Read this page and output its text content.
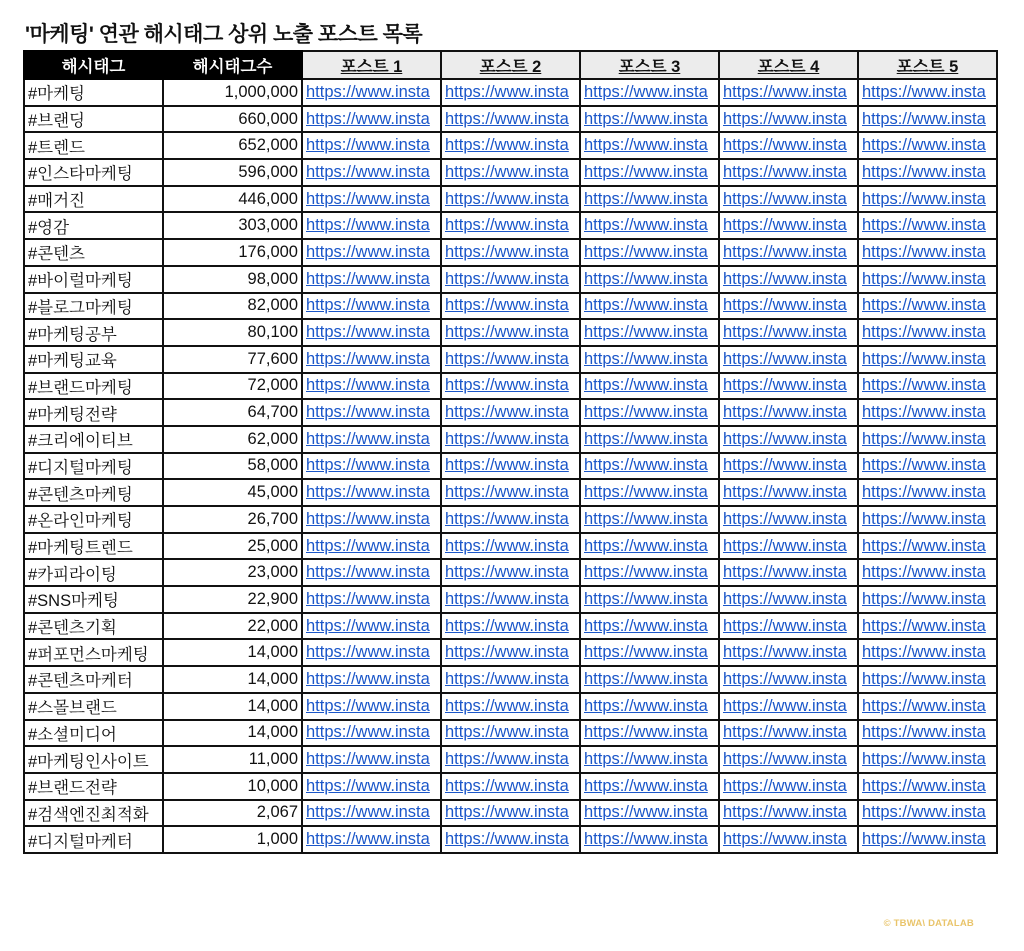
'마케팅' 연관 해시태그 상위 노출 포스트 목록
해시태그	해시태그수	포스트 1	포스트 2	포스트 3	포스트 4	포스트 5
#마케팅	1,000,000	https://www.insta	https://www.insta	https://www.insta	https://www.insta	https://www.insta
#브랜딩	660,000	https://www.insta	https://www.insta	https://www.insta	https://www.insta	https://www.insta
#트렌드	652,000	https://www.insta	https://www.insta	https://www.insta	https://www.insta	https://www.insta
#인스타마케팅	596,000	https://www.insta	https://www.insta	https://www.insta	https://www.insta	https://www.insta
#매거진	446,000	https://www.insta	https://www.insta	https://www.insta	https://www.insta	https://www.insta
#영감	303,000	https://www.insta	https://www.insta	https://www.insta	https://www.insta	https://www.insta
#콘텐츠	176,000	https://www.insta	https://www.insta	https://www.insta	https://www.insta	https://www.insta
#바이럴마케팅	98,000	https://www.insta	https://www.insta	https://www.insta	https://www.insta	https://www.insta
#블로그마케팅	82,000	https://www.insta	https://www.insta	https://www.insta	https://www.insta	https://www.insta
#마케팅공부	80,100	https://www.insta	https://www.insta	https://www.insta	https://www.insta	https://www.insta
#마케팅교육	77,600	https://www.insta	https://www.insta	https://www.insta	https://www.insta	https://www.insta
#브랜드마케팅	72,000	https://www.insta	https://www.insta	https://www.insta	https://www.insta	https://www.insta
#마케팅전략	64,700	https://www.insta	https://www.insta	https://www.insta	https://www.insta	https://www.insta
#크리에이티브	62,000	https://www.insta	https://www.insta	https://www.insta	https://www.insta	https://www.insta
#디지털마케팅	58,000	https://www.insta	https://www.insta	https://www.insta	https://www.insta	https://www.insta
#콘텐츠마케팅	45,000	https://www.insta	https://www.insta	https://www.insta	https://www.insta	https://www.insta
#온라인마케팅	26,700	https://www.insta	https://www.insta	https://www.insta	https://www.insta	https://www.insta
#마케팅트렌드	25,000	https://www.insta	https://www.insta	https://www.insta	https://www.insta	https://www.insta
#카피라이팅	23,000	https://www.insta	https://www.insta	https://www.insta	https://www.insta	https://www.insta
#SNS마케팅	22,900	https://www.insta	https://www.insta	https://www.insta	https://www.insta	https://www.insta
#콘텐츠기획	22,000	https://www.insta	https://www.insta	https://www.insta	https://www.insta	https://www.insta
#퍼포먼스마케팅	14,000	https://www.insta	https://www.insta	https://www.insta	https://www.insta	https://www.insta
#콘텐츠마케터	14,000	https://www.insta	https://www.insta	https://www.insta	https://www.insta	https://www.insta
#스몰브랜드	14,000	https://www.insta	https://www.insta	https://www.insta	https://www.insta	https://www.insta
#소셜미디어	14,000	https://www.insta	https://www.insta	https://www.insta	https://www.insta	https://www.insta
#마케팅인사이트	11,000	https://www.insta	https://www.insta	https://www.insta	https://www.insta	https://www.insta
#브랜드전략	10,000	https://www.insta	https://www.insta	https://www.insta	https://www.insta	https://www.insta
#검색엔진최적화	2,067	https://www.insta	https://www.insta	https://www.insta	https://www.insta	https://www.insta
#디지털마케터	1,000	https://www.insta	https://www.insta	https://www.insta	https://www.insta	https://www.insta
© TBWA\ DATALAB
